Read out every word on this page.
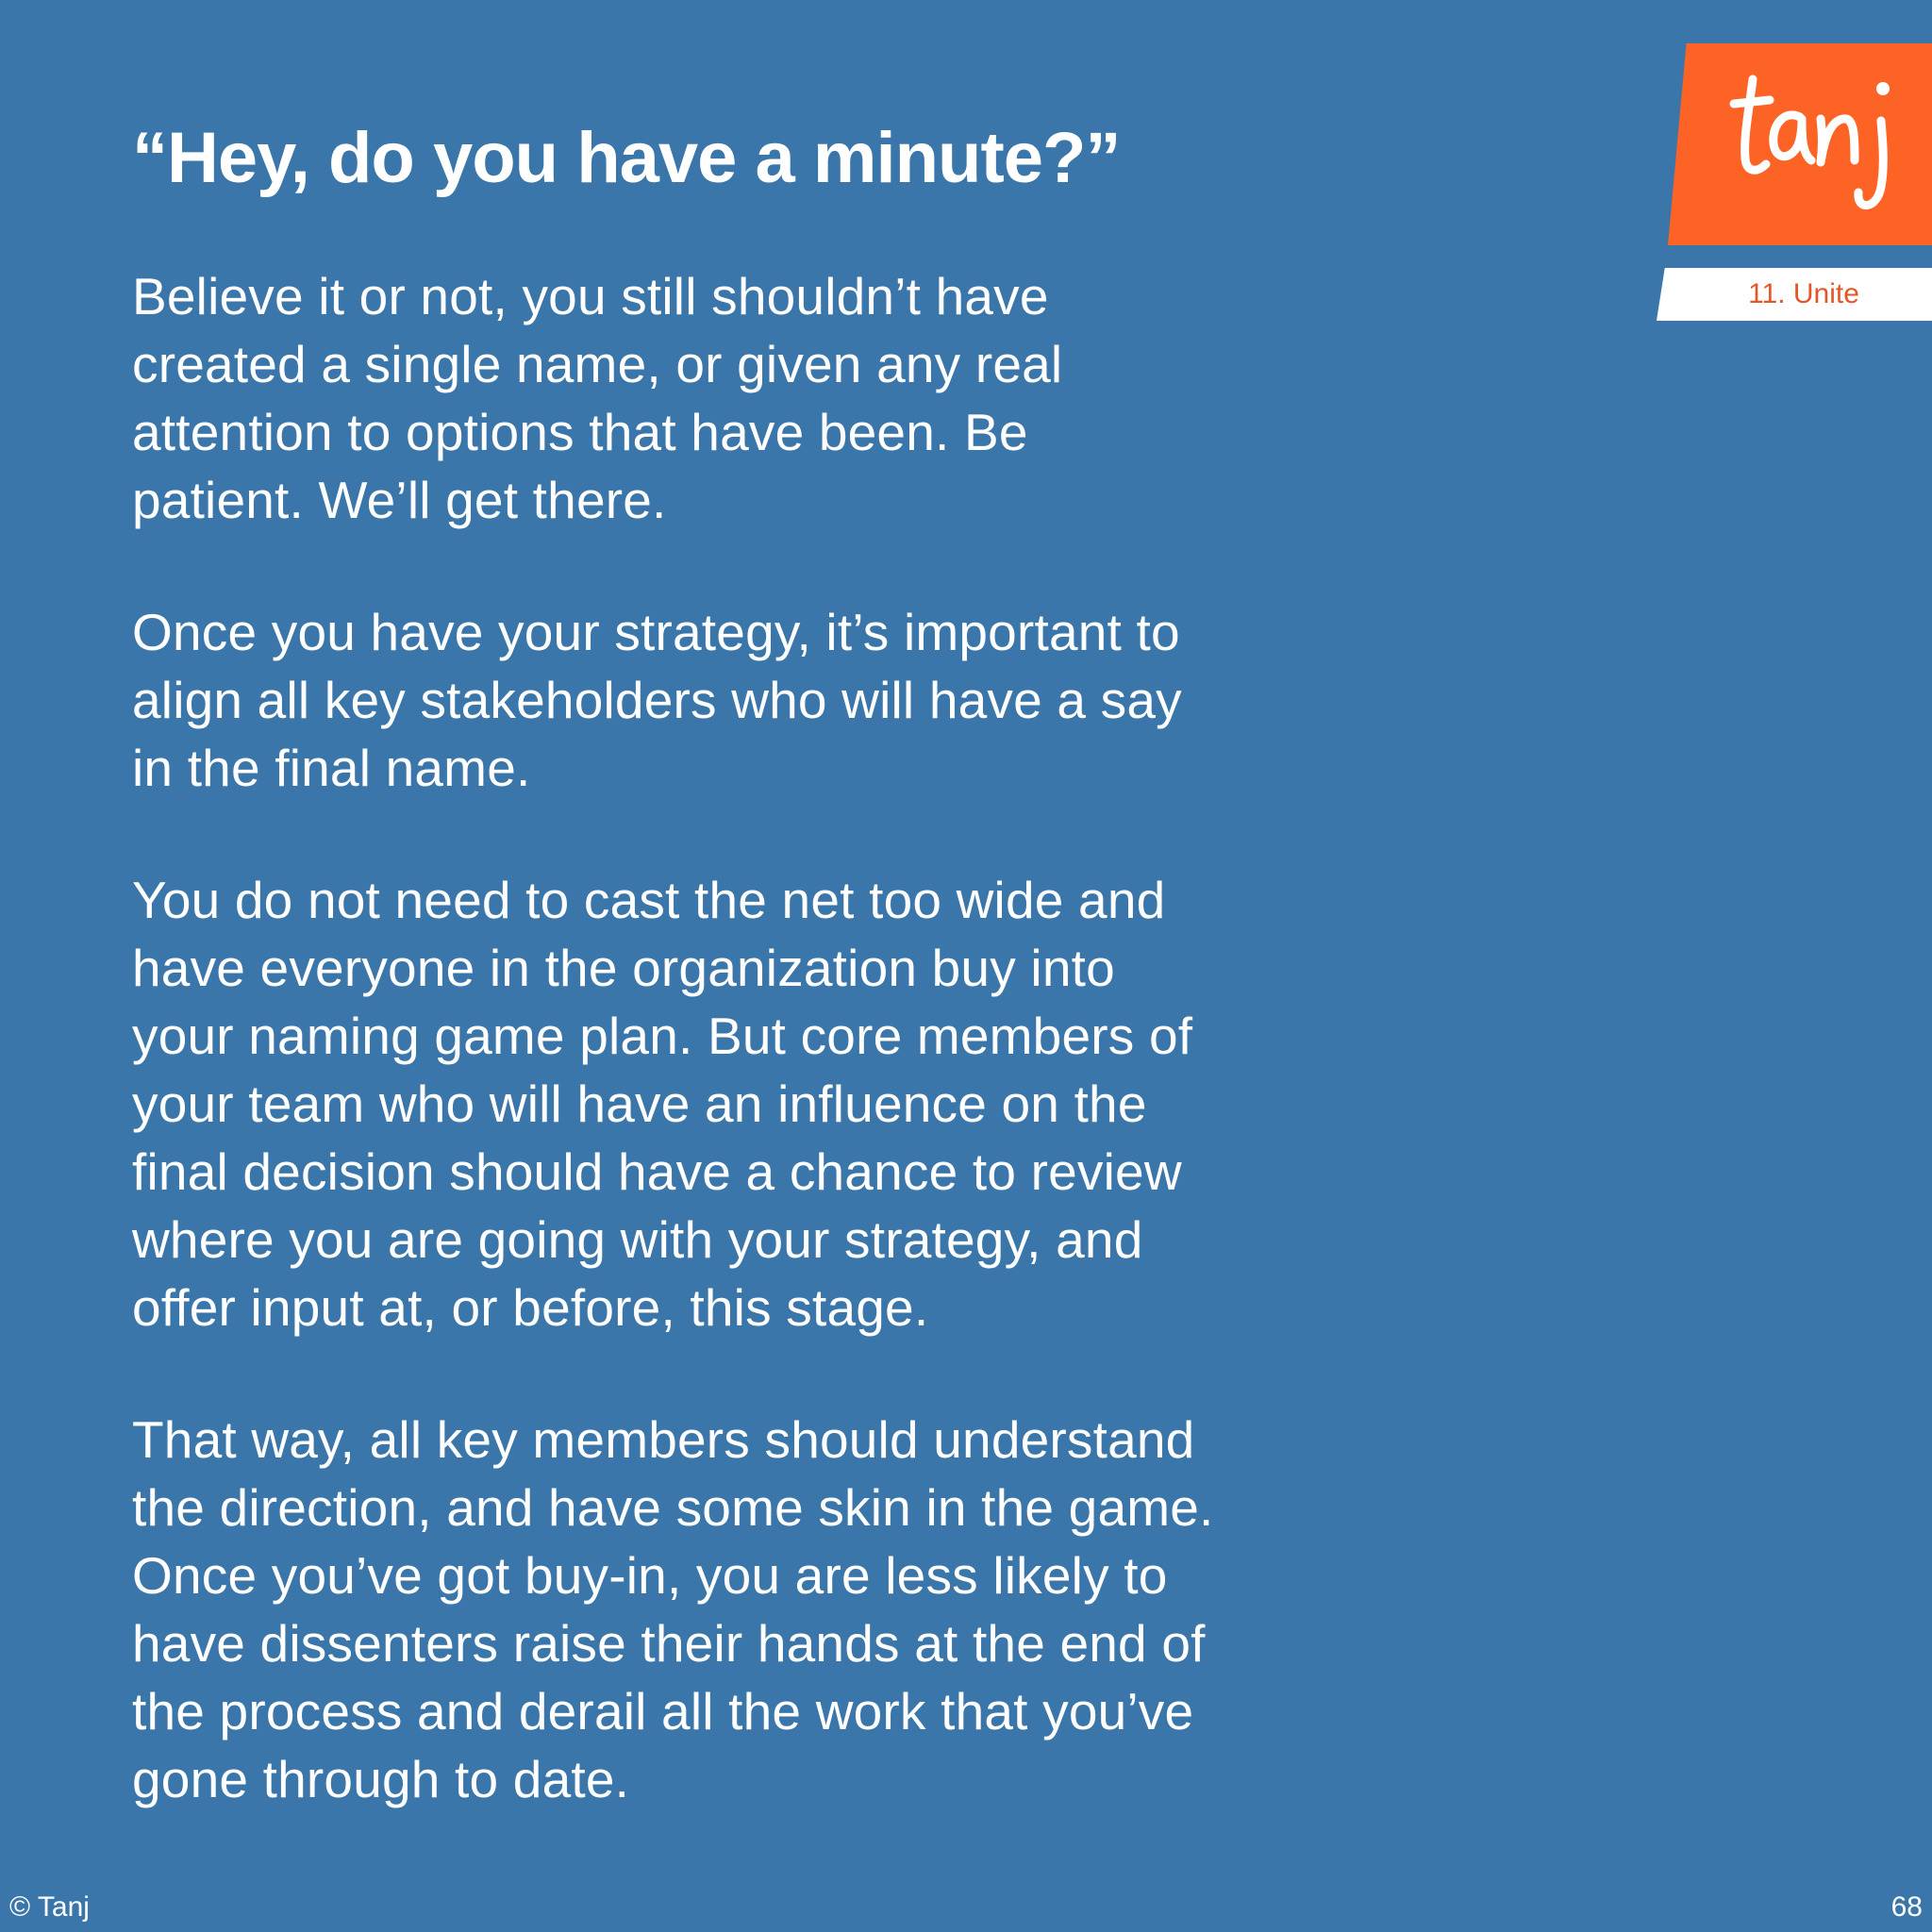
“Hey, do you have a minute?”

Believe it or not, you still shouldn’t have
created a single name, or given any real
attention to options that have been. Be
patient. We’ll get there.

Once you have your strategy, it’s important to
align all key stakeholders who will have a say
in the final name.

You do not need to cast the net too wide and
have everyone in the organization buy into
your naming game plan. But core members of
your team who will have an influence on the
final decision should have a chance to review
where you are going with your strategy, and
offer input at, or before, this stage.

That way, all key members should understand
the direction, and have some skin in the game.
Once you’ve got buy-in, you are less likely to
have dissenters raise their hands at the end of
the process and derail all the work that you’ve
gone through to date.

11. Unite
© Tanj	68
